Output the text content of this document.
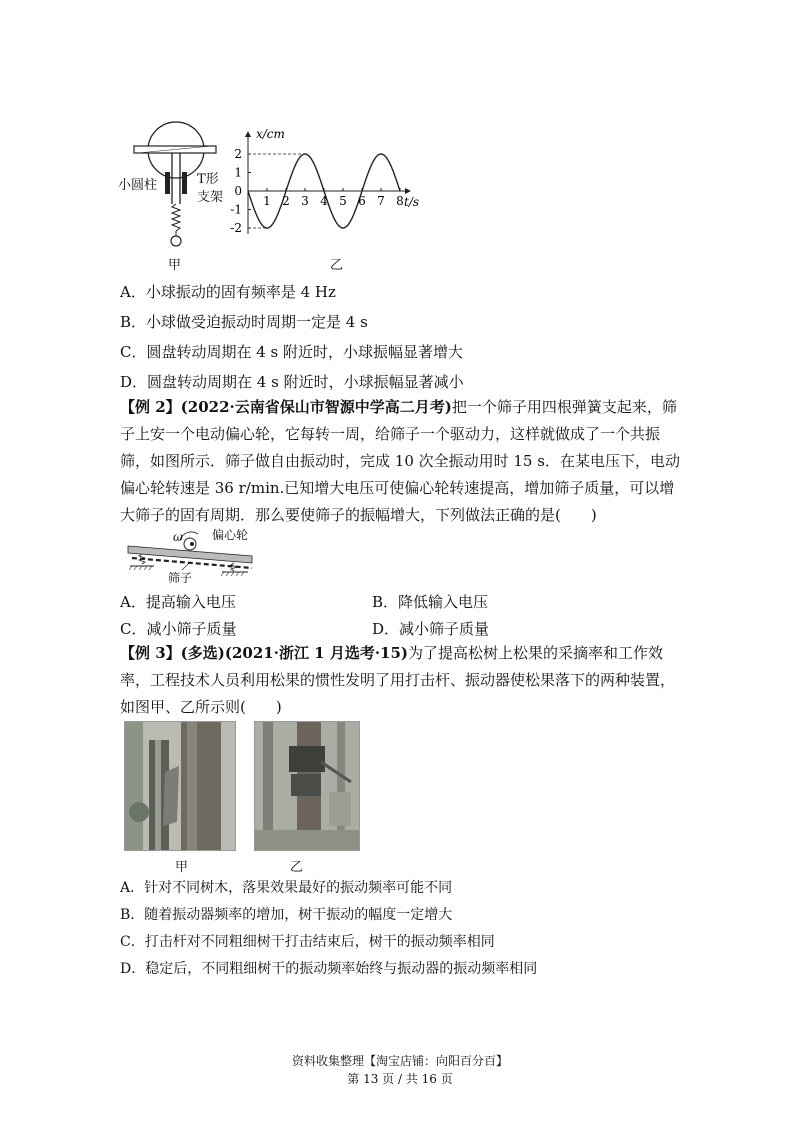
小圆柱	T形
支架
甲
2
1
0
-1
-2
1 2 3 4 5 6 7 8
x/cm
t/s
乙
A．小球振动的固有频率是 4 Hz
B．小球做受迫振动时周期一定是 4 s
C．圆盘转动周期在 4 s 附近时，小球振幅显著增大
D．圆盘转动周期在 4 s 附近时，小球振幅显著减小
【例 2】(2022·云南省保山市智源中学高二月考)把一个筛子用四根弹簧支起来，筛子上安一个电动偏心轮，它每转一周，给筛子一个驱动力，这样就做成了一个共振筛，如图所示．筛子做自由振动时，完成 10 次全振动用时 15 s．在某电压下，电动偏心轮转速是 36 r/min.已知增大电压可使偏心轮转速提高，增加筛子质量，可以增大筛子的固有周期．那么要使筛子的振幅增大，下列做法正确的是(　　)
ω 偏心轮
筛子
A．提高输入电压	B．降低输入电压
C．减小筛子质量	D．减小筛子质量
【例 3】(多选)(2021·浙江 1 月选考·15)为了提高松树上松果的采摘率和工作效率，工程技术人员利用松果的惯性发明了用打击杆、振动器使松果落下的两种装置，如图甲、乙所示则(　　)
甲	乙
A．针对不同树木，落果效果最好的振动频率可能不同
B．随着振动器频率的增加，树干振动的幅度一定增大
C．打击杆对不同粗细树干打击结束后，树干的振动频率相同
D．稳定后，不同粗细树干的振动频率始终与振动器的振动频率相同
资料收集整理【淘宝店铺：向阳百分百】
第 13 页 / 共 16 页
